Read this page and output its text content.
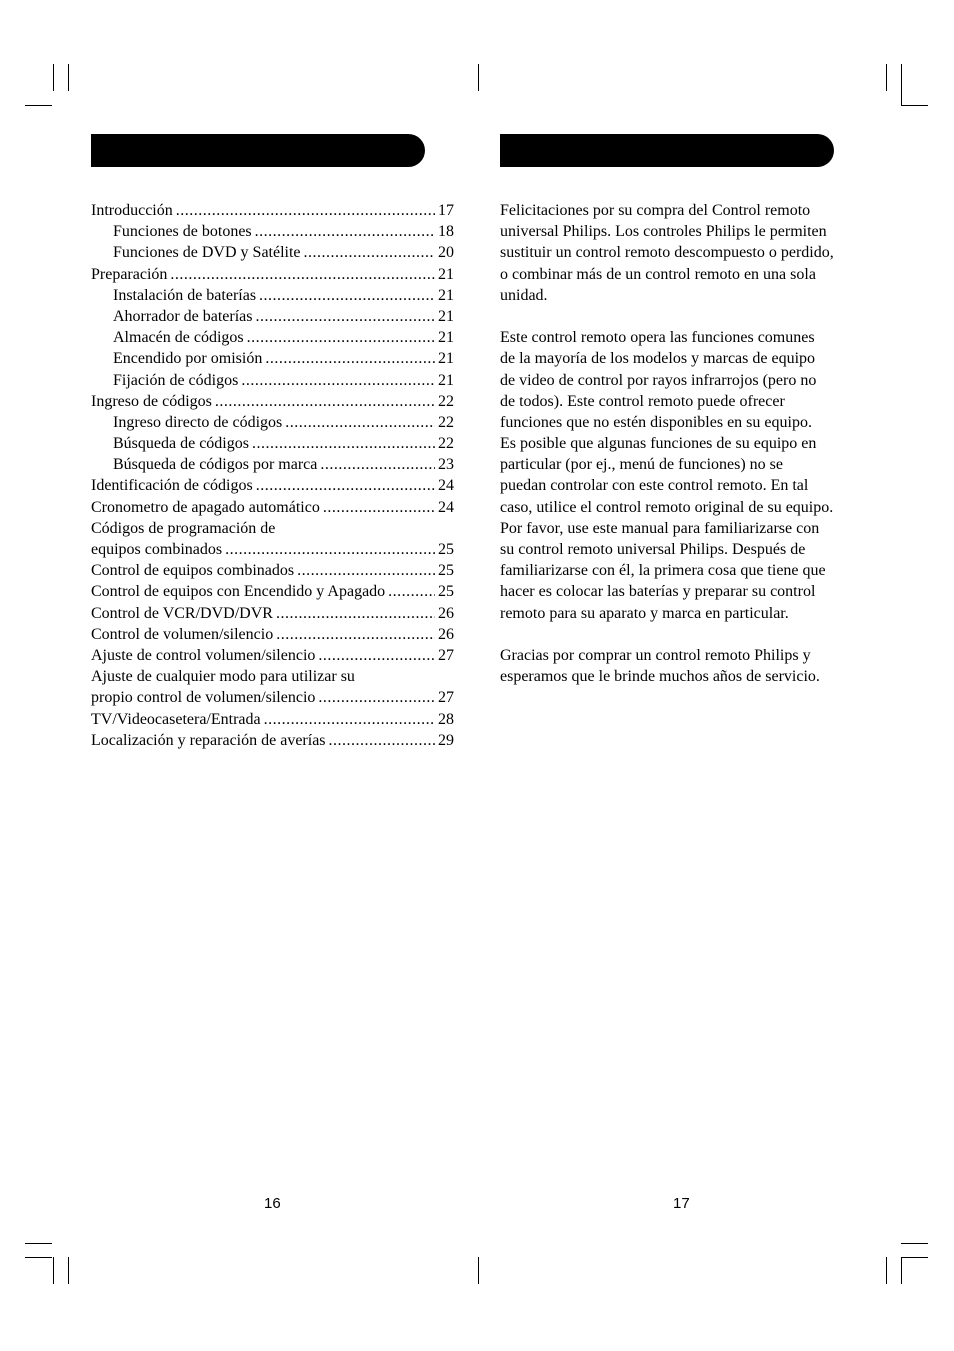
Introducción .....	17
Funciones de botones .....	18
Funciones de DVD y Satélite .....	20
Preparación .....	21
Instalación de baterías .....	21
Ahorrador de baterías .....	21
Almacén de códigos .....	21
Encendido por omisión .....	21
Fijación de códigos .....	21
Ingreso de códigos .....	22
Ingreso directo de códigos .....	22
Búsqueda de códigos .....	22
Búsqueda de códigos por marca .....	23
Identificación de códigos .....	24
Cronometro de apagado automático .....	24
Códigos de programación de
equipos combinados .....	25
Control de equipos combinados .....	25
Control de equipos con Encendido y Apagado .....	25
Control de VCR/DVD/DVR .....	26
Control de volumen/silencio .....	26
Ajuste de control volumen/silencio .....	27
Ajuste de cualquier modo para utilizar su
propio control de volumen/silencio .....	27
TV/Videocasetera/Entrada .....	28
Localización y reparación de averías .....	29
Felicitaciones por su compra del Control remoto
universal Philips. Los controles Philips le permiten
sustituir un control remoto descompuesto o perdido,
o combinar más de un control remoto en una sola
unidad.
Este control remoto opera las funciones comunes
de la mayoría de los modelos y marcas de equipo
de video de control por rayos infrarrojos (pero no
de todos). Este control remoto puede ofrecer
funciones que no estén disponibles en su equipo.
Es posible que algunas funciones de su equipo en
particular (por ej., menú de funciones) no se
puedan controlar con este control remoto. En tal
caso, utilice el control remoto original de su equipo.
Por favor, use este manual para familiarizarse con
su control remoto universal Philips. Después de
familiarizarse con él, la primera cosa que tiene que
hacer es colocar las baterías y preparar su control
remoto para su aparato y marca en particular.
Gracias por comprar un control remoto Philips y
esperamos que le brinde muchos años de servicio.
16	17
